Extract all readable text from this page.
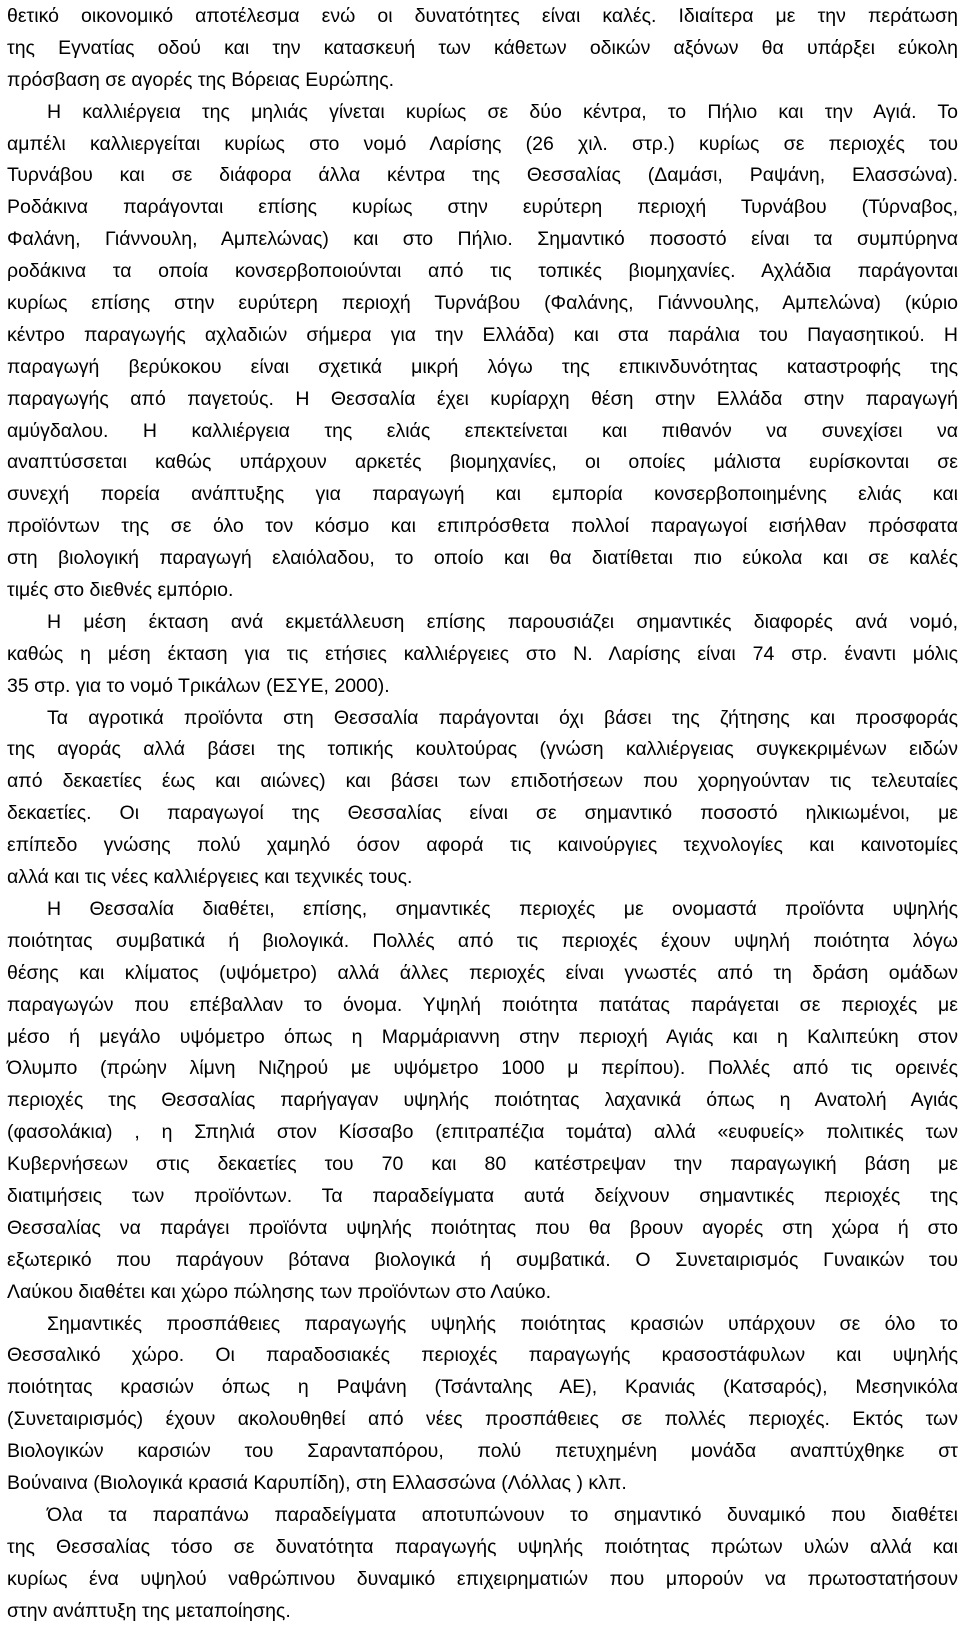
θετικό οικονομικό αποτέλεσμα ενώ οι δυνατότητες είναι καλές. Ιδιαίτερα με την περάτωση
της Εγνατίας οδού και την κατασκευή των κάθετων οδικών αξόνων θα υπάρξει εύκολη
πρόσβαση σε αγορές της Βόρειας Ευρώπης.
Η καλλιέργεια της μηλιάς γίνεται κυρίως σε δύο κέντρα, το Πήλιο και την Αγιά. Το
αμπέλι καλλιεργείται κυρίως στο νομό Λαρίσης (26 χιλ. στρ.) κυρίως σε περιοχές του
Τυρνάβου και σε διάφορα άλλα κέντρα της Θεσσαλίας (Δαμάσι, Ραψάνη, Ελασσώνα).
Ροδάκινα παράγονται επίσης κυρίως στην ευρύτερη περιοχή Τυρνάβου (Τύρναβος,
Φαλάνη, Γιάννουλη, Αμπελώνας) και στο Πήλιο. Σημαντικό ποσοστό είναι τα συμπύρηνα
ροδάκινα τα οποία κονσερβοποιούνται από τις τοπικές βιομηχανίες. Αχλάδια παράγονται
κυρίως επίσης στην ευρύτερη περιοχή Τυρνάβου (Φαλάνης, Γιάννουλης, Αμπελώνα) (κύριο
κέντρο παραγωγής αχλαδιών σήμερα για την Ελλάδα) και στα παράλια του Παγασητικού. Η
παραγωγή βερύκοκου είναι σχετικά μικρή λόγω της επικινδυνότητας καταστροφής της
παραγωγής από παγετούς. Η Θεσσαλία έχει κυρίαρχη θέση στην Ελλάδα στην παραγωγή
αμύγδαλου. Η καλλιέργεια της ελιάς επεκτείνεται και πιθανόν να συνεχίσει να
αναπτύσσεται καθώς υπάρχουν αρκετές βιομηχανίες, οι οποίες μάλιστα ευρίσκονται σε
συνεχή πορεία ανάπτυξης για παραγωγή και εμπορία κονσερβοποιημένης ελιάς και
προϊόντων της σε όλο τον κόσμο και επιπρόσθετα πολλοί παραγωγοί εισήλθαν πρόσφατα
στη βιολογική παραγωγή ελαιόλαδου, το οποίο και θα διατίθεται πιο εύκολα και σε καλές
τιμές στο διεθνές εμπόριο.
Η μέση έκταση ανά εκμετάλλευση επίσης παρουσιάζει σημαντικές διαφορές ανά νομό,
καθώς η μέση έκταση για τις ετήσιες καλλιέργειες στο Ν. Λαρίσης είναι 74 στρ. έναντι μόλις
35 στρ. για το νομό Τρικάλων (ΕΣΥΕ, 2000).
Τα αγροτικά προϊόντα στη Θεσσαλία παράγονται όχι βάσει της ζήτησης και προσφοράς
της αγοράς αλλά βάσει της τοπικής κουλτούρας (γνώση καλλιέργειας συγκεκριμένων ειδών
από δεκαετίες έως και αιώνες) και βάσει των επιδοτήσεων που χορηγούνταν τις τελευταίες
δεκαετίες. Οι παραγωγοί της Θεσσαλίας είναι σε σημαντικό ποσοστό ηλικιωμένοι, με
επίπεδο γνώσης πολύ χαμηλό όσον αφορά τις καινούργιες τεχνολογίες και καινοτομίες
αλλά και τις νέες καλλιέργειες και τεχνικές τους.
Η Θεσσαλία διαθέτει, επίσης, σημαντικές περιοχές με ονομαστά προϊόντα υψηλής
ποιότητας συμβατικά ή βιολογικά. Πολλές από τις περιοχές έχουν υψηλή ποιότητα λόγω
θέσης και κλίματος (υψόμετρο) αλλά άλλες περιοχές είναι γνωστές από τη δράση ομάδων
παραγωγών που επέβαλλαν το όνομα. Υψηλή ποιότητα πατάτας παράγεται σε περιοχές με
μέσο ή μεγάλο υψόμετρο όπως η Μαρμάριαννη στην περιοχή Αγιάς και η Καλιπεύκη στον
Όλυμπο (πρώην λίμνη Νιζηρού με υψόμετρο 1000 μ περίπου). Πολλές από τις ορεινές
περιοχές της Θεσσαλίας παρήγαγαν υψηλής ποιότητας λαχανικά όπως η Ανατολή Αγιάς
(φασολάκια) , η Σπηλιά στον Κίσσαβο (επιτραπέζια τομάτα) αλλά «ευφυείς» πολιτικές των
Κυβερνήσεων στις δεκαετίες του 70 και 80 κατέστρεψαν την παραγωγική βάση με
διατιμήσεις των προϊόντων. Τα παραδείγματα αυτά δείχνουν σημαντικές περιοχές της
Θεσσαλίας να παράγει προϊόντα υψηλής ποιότητας που θα βρουν αγορές στη χώρα ή στο
εξωτερικό που παράγουν βότανα βιολογικά ή συμβατικά. Ο Συνεταιρισμός Γυναικών του
Λαύκου διαθέτει και χώρο πώλησης των προϊόντων στο Λαύκο.
Σημαντικές προσπάθειες παραγωγής υψηλής ποιότητας κρασιών υπάρχουν σε όλο το
Θεσσαλικό χώρο. Οι παραδοσιακές περιοχές παραγωγής κρασοστάφυλων και υψηλής
ποιότητας κρασιών όπως η Ραψάνη (Τσάνταλης ΑΕ), Κρανιάς (Κατσαρός), Μεσηνικόλα
(Συνεταιρισμός) έχουν ακολουθηθεί από νέες προσπάθειες σε πολλές περιοχές. Εκτός των
Βιολογικών καρσιών του Σαρανταπόρου, πολύ πετυχημένη μονάδα αναπτύχθηκε στ
Βούναινα (Βιολογικά κρασιά Καρυπίδη), στη Ελλασσώνα (Λόλλας ) κλπ.
Όλα τα παραπάνω παραδείγματα αποτυπώνουν το σημαντικό δυναμικό που διαθέτει
της Θεσσαλίας τόσο σε δυνατότητα παραγωγής υψηλής ποιότητας πρώτων υλών αλλά και
κυρίως ένα υψηλού ναθρώπινου δυναμικό επιχειρηματιών που μπορούν να πρωτοστατήσουν
στην ανάπτυξη της μεταποίησης.
